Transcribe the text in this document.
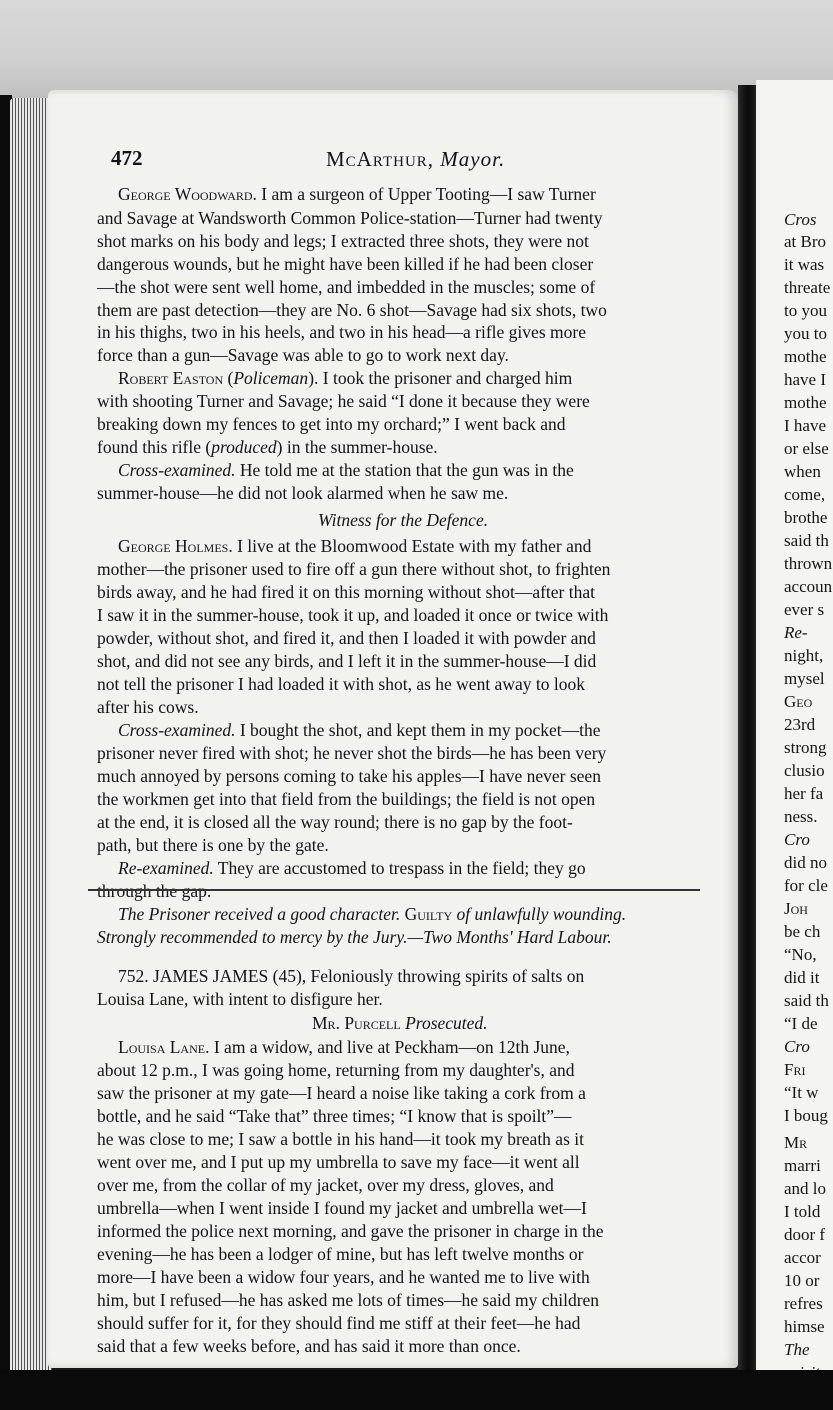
Cros
at Bro
it was
threate
to you
you to
mothe
have I
mothe
I have
or else
when
come,
brothe
said th
thrown
accoun
ever s
Re-
night,
mysel
Geo
23rd
strong
clusio
her fa
ness.
Cro
did no
for cle
Joh
be ch
“No,
did it
said th
“I de
Cro
Fri
“It w
I boug
Mr
marri
and lo
I told
door f
accor
10 or
refres
himse
The
472	McArthur, Mayor.
George Woodward. I am a surgeon of Upper Tooting—I saw Turner
and Savage at Wandsworth Common Police-station—Turner had twenty
shot marks on his body and legs; I extracted three shots, they were not
dangerous wounds, but he might have been killed if he had been closer
—the shot were sent well home, and imbedded in the muscles; some of
them are past detection—they are No. 6 shot—Savage had six shots, two
in his thighs, two in his heels, and two in his head—a rifle gives more
force than a gun—Savage was able to go to work next day.
Robert Easton (Policeman). I took the prisoner and charged him
with shooting Turner and Savage; he said “I done it because they were
breaking down my fences to get into my orchard;” I went back and
found this rifle (produced) in the summer-house.
Cross-examined. He told me at the station that the gun was in the
summer-house—he did not look alarmed when he saw me.
Witness for the Defence.
George Holmes. I live at the Bloomwood Estate with my father and
mother—the prisoner used to fire off a gun there without shot, to frighten
birds away, and he had fired it on this morning without shot—after that
I saw it in the summer-house, took it up, and loaded it once or twice with
powder, without shot, and fired it, and then I loaded it with powder and
shot, and did not see any birds, and I left it in the summer-house—I did
not tell the prisoner I had loaded it with shot, as he went away to look
after his cows.
Cross-examined. I bought the shot, and kept them in my pocket—the
prisoner never fired with shot; he never shot the birds—he has been very
much annoyed by persons coming to take his apples—I have never seen
the workmen get into that field from the buildings; the field is not open
at the end, it is closed all the way round; there is no gap by the foot-
path, but there is one by the gate.
Re-examined. They are accustomed to trespass in the field; they go
through the gap.
The Prisoner received a good character. Guilty of unlawfully wounding.
Strongly recommended to mercy by the Jury.—Two Months' Hard Labour.
752. JAMES JAMES (45), Feloniously throwing spirits of salts on
Louisa Lane, with intent to disfigure her.
Mr. Purcell Prosecuted.
Louisa Lane. I am a widow, and live at Peckham—on 12th June,
about 12 p.m., I was going home, returning from my daughter's, and
saw the prisoner at my gate—I heard a noise like taking a cork from a
bottle, and he said “Take that” three times; “I know that is spoilt”—
he was close to me; I saw a bottle in his hand—it took my breath as it
went over me, and I put up my umbrella to save my face—it went all
over me, from the collar of my jacket, over my dress, gloves, and
umbrella—when I went inside I found my jacket and umbrella wet—I
informed the police next morning, and gave the prisoner in charge in the
evening—he has been a lodger of mine, but has left twelve months or
more—I have been a widow four years, and he wanted me to live with
him, but I refused—he has asked me lots of times—he said my children
should suffer for it, for they should find me stiff at their feet—he had
said that a few weeks before, and has said it more than once.
